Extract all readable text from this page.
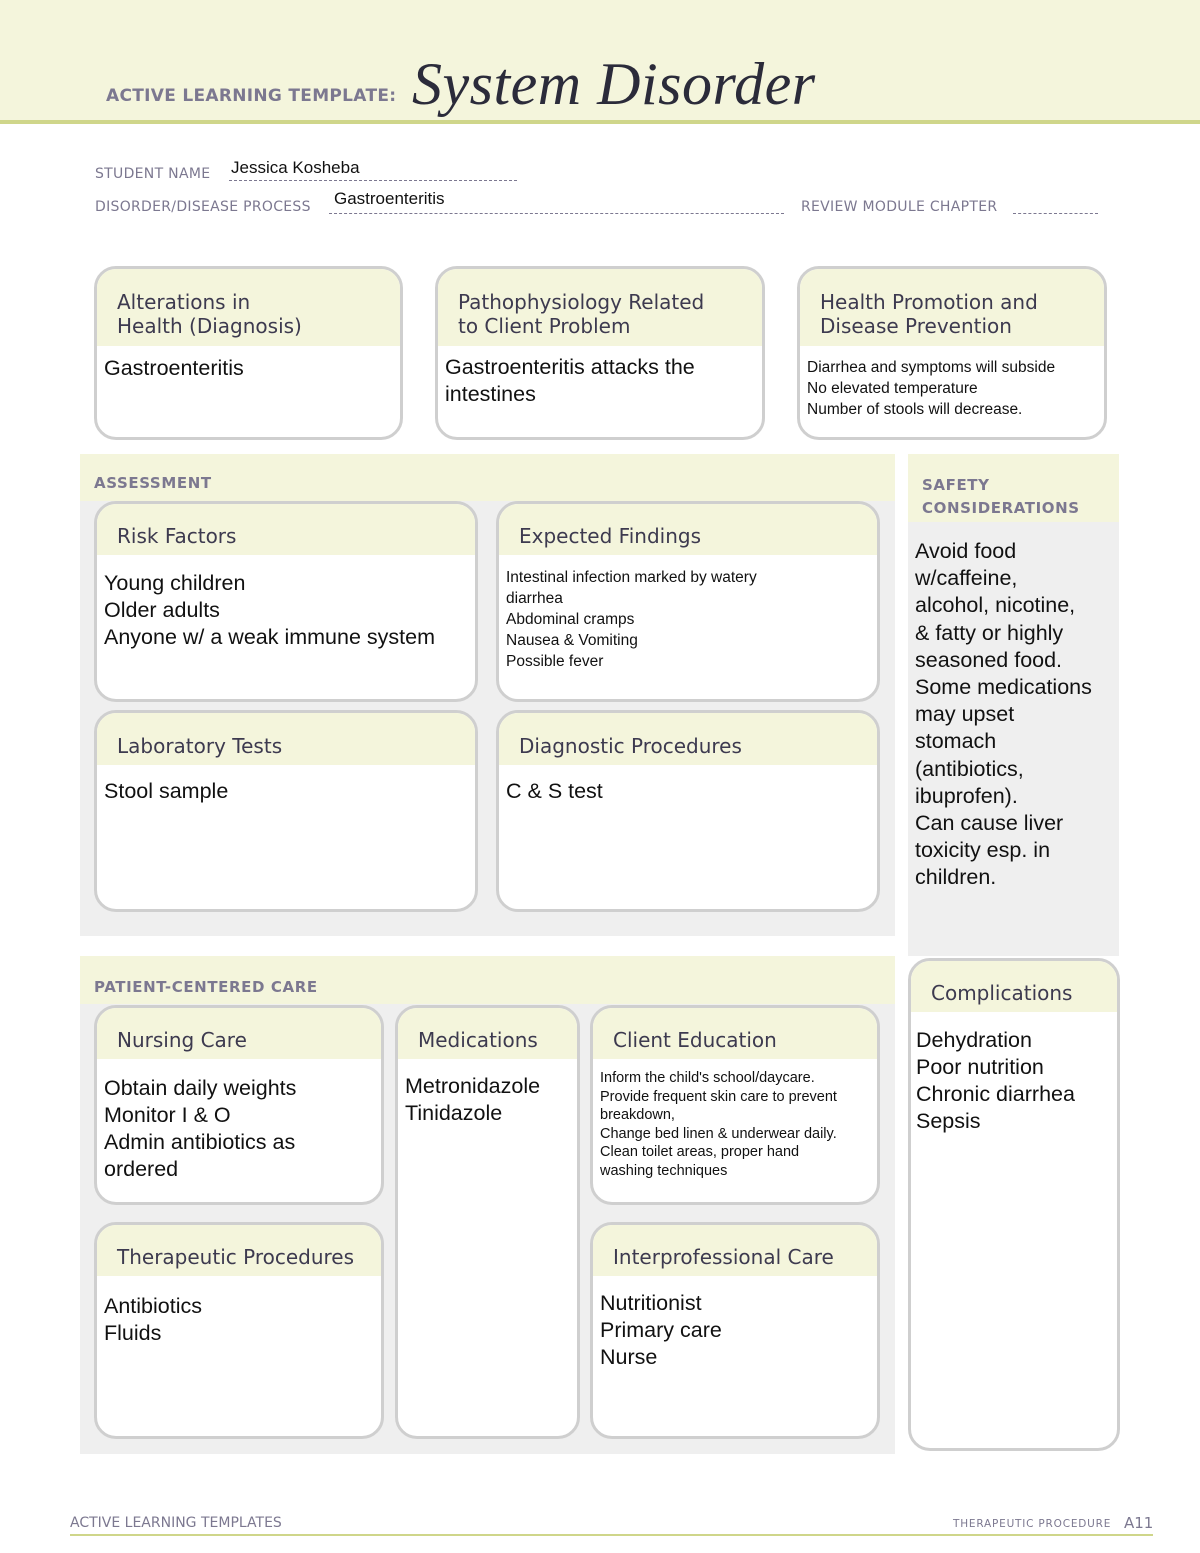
ACTIVE LEARNING TEMPLATE: System Disorder
STUDENT NAME Jessica Kosheba
DISORDER/DISEASE PROCESS Gastroenteritis	REVIEW MODULE CHAPTER
Alterations in
Health (Diagnosis)
Gastroenteritis
Pathophysiology Related
to Client Problem
Gastroenteritis attacks the
intestines
Health Promotion and
Disease Prevention
Diarrhea and symptoms will subside
No elevated temperature
Number of stools will decrease.
ASSESSMENT
Risk Factors
Young children
Older adults
Anyone w/ a weak immune system
Expected Findings
Intestinal infection marked by watery
diarrhea
Abdominal cramps
Nausea & Vomiting
Possible fever
Laboratory Tests
Stool sample
Diagnostic Procedures
C & S test
SAFETY
CONSIDERATIONS
Avoid food
w/caffeine,
alcohol, nicotine,
& fatty or highly
seasoned food.
Some medications
may upset
stomach
(antibiotics,
ibuprofen).
Can cause liver
toxicity esp. in
children.
PATIENT-CENTERED CARE
Nursing Care
Obtain daily weights
Monitor I & O
Admin antibiotics as
ordered
Medications
Metronidazole
Tinidazole
Client Education
Inform the child's school/daycare.
Provide frequent skin care to prevent
breakdown,
Change bed linen & underwear daily.
Clean toilet areas, proper hand
washing techniques
Therapeutic Procedures
Antibiotics
Fluids
Interprofessional Care
Nutritionist
Primary care
Nurse
Complications
Dehydration
Poor nutrition
Chronic diarrhea
Sepsis
ACTIVE LEARNING TEMPLATES	THERAPEUTIC PROCEDURE A11
